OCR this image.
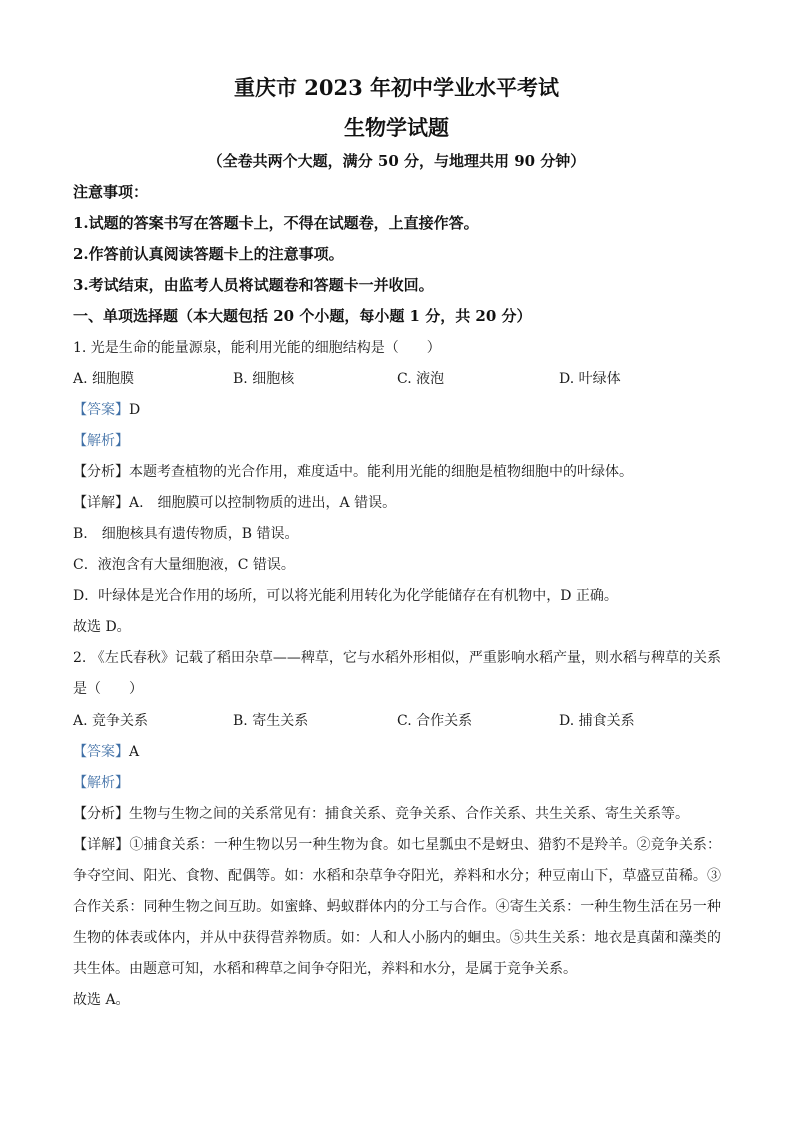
重庆市 2023 年初中学业水平考试
生物学试题
（全卷共两个大题，满分 50 分，与地理共用 90 分钟）
注意事项：
1.试题的答案书写在答题卡上，不得在试题卷，上直接作答。
2.作答前认真阅读答题卡上的注意事项。
3.考试结束，由监考人员将试题卷和答题卡一并收回。
一、单项选择题（本大题包括 20 个小题，每小题 1 分，共 20 分）
1. 光是生命的能量源泉，能利用光能的细胞结构是（　　）
A. 细胞膜	B. 细胞核	C. 液泡	D. 叶绿体
【答案】D
【解析】
【分析】本题考查植物的光合作用，难度适中。能利用光能的细胞是植物细胞中的叶绿体。
【详解】A.　细胞膜可以控制物质的进出，A 错误。
B.　细胞核具有遗传物质，B 错误。
C．液泡含有大量细胞液，C 错误。
D．叶绿体是光合作用的场所，可以将光能利用转化为化学能储存在有机物中，D 正确。
故选 D。
2. 《左氏春秋》记载了稻田杂草——稗草，它与水稻外形相似，严重影响水稻产量，则水稻与稗草的关系
是（　　）
A. 竞争关系	B. 寄生关系	C. 合作关系	D. 捕食关系
【答案】A
【解析】
【分析】生物与生物之间的关系常见有：捕食关系、竞争关系、合作关系、共生关系、寄生关系等。
【详解】①捕食关系：一种生物以另一种生物为食。如七星瓢虫不是蚜虫、猎豹不是羚羊。②竞争关系：
争夺空间、阳光、食物、配偶等。如：水稻和杂草争夺阳光，养料和水分；种豆南山下，草盛豆苗稀。③
合作关系：同种生物之间互助。如蜜蜂、蚂蚁群体内的分工与合作。④寄生关系：一种生物生活在另一种
生物的体表或体内，并从中获得营养物质。如：人和人小肠内的蛔虫。⑤共生关系：地衣是真菌和藻类的
共生体。由题意可知，水稻和稗草之间争夺阳光，养料和水分，是属于竞争关系。
故选 A。
